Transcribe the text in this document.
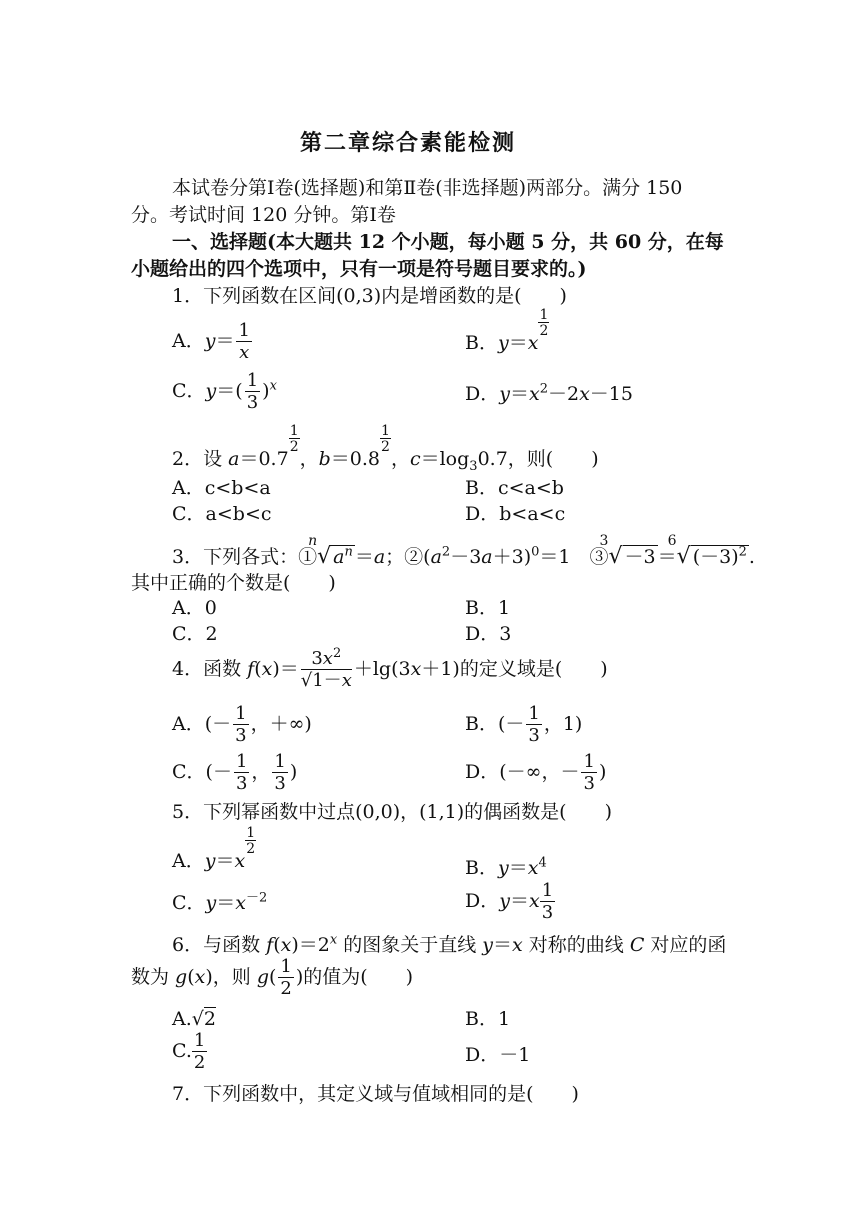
第二章综合素能检测
本试卷分第Ⅰ卷(选择题)和第Ⅱ卷(非选择题)两部分。满分 150
分。考试时间 120 分钟。第Ⅰ卷
一、选择题(本大题共 12 个小题，每小题 5 分，共 60 分，在每
小题给出的四个选项中，只有一项是符号题目要求的。)
1．下列函数在区间(0,3)内是增函数的是(　　)
A．$y= \frac{1}{x}$	B．y＝x
$\frac{1}{2}$
C．$y=( \frac{1}{3} )^x$	D．$y=x^2-2x-15$
2．设 a＝0.7
$\frac{1}{2}$
，b＝0.8
$\frac{1}{2}$
，$c=\log_30.7$，则(　　)
A．c<b<a	B．c<a<b
C．a<b<c	D．b<a<c
3．下列各式：①
n
√ $a^n =a$；$②(a^2-3a+3)^0=1$　③
3
√ －3 ＝
6
√ $(-3)^2$ .
其中正确的个数是(　　)
A．0	B．1
C．2	D．3
4．函数 $f(x)= \frac{3x^2}{√1-x} +\lg(3x+1)$的定义域是(　　)
A．(－ $\frac{1}{3}$ ，＋∞)	B．(－ $\frac{1}{3}$ ，1)
C．(－ $\frac{1}{3}$ ， $\frac{1}{3}$ )	D．(－∞，－ $\frac{1}{3}$ )
5．下列幂函数中过点(0,0)，(1,1)的偶函数是(　　)
A．y＝x
$\frac{1}{2}$
B．$y=x^4$
C．$y=x^{-2}$	D．$y=x \frac{1}{3}$
6．与函数 $f(x)=2^x$ 的图象关于直线 y＝x 对称的曲线 C 对应的函
数为 g(x)，则 $g( \frac{1}{2}$ )的值为(　　)
A.√2	B．1
C. $\frac{1}{2}$	D．－1
7．下列函数中，其定义域与值域相同的是(　　)
